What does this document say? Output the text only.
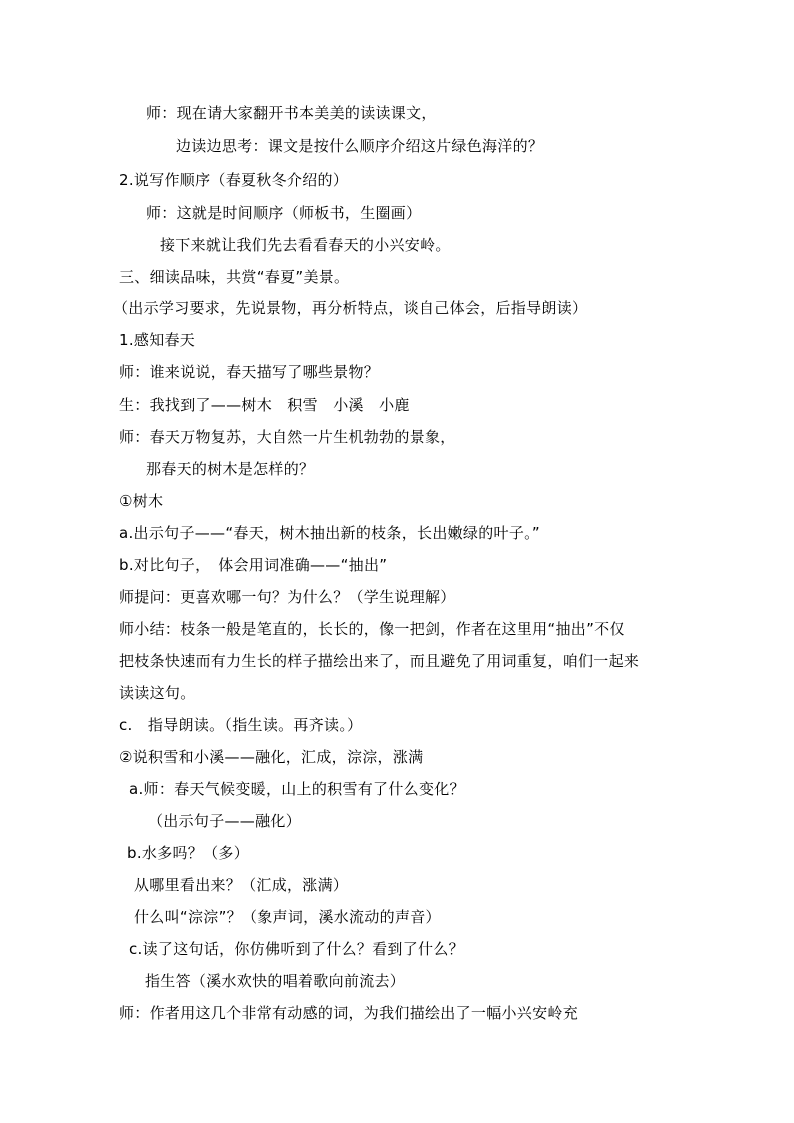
师：现在请大家翻开书本美美的读读课文，
边读边思考：课文是按什么顺序介绍这片绿色海洋的？
2.说写作顺序（春夏秋冬介绍的）
师：这就是时间顺序（师板书，生圈画）
接下来就让我们先去看看春天的小兴安岭。
三、细读品味，共赏“春夏”美景。
（出示学习要求，先说景物，再分析特点，谈自己体会，后指导朗读）
1.感知春天
师：谁来说说，春天描写了哪些景物？
生：我找到了——树木　积雪　小溪　小鹿
师：春天万物复苏，大自然一片生机勃勃的景象，
那春天的树木是怎样的？
①树木
a.出示句子——“春天，树木抽出新的枝条，长出嫩绿的叶子。”
b.对比句子，　体会用词准确——“抽出”
师提问：更喜欢哪一句？为什么？（学生说理解）
师小结：枝条一般是笔直的，长长的，像一把剑，作者在这里用“抽出”不仅
把枝条快速而有力生长的样子描绘出来了，而且避免了用词重复，咱们一起来
读读这句。
c.　指导朗读。（指生读。再齐读。）
②说积雪和小溪——融化，汇成，淙淙，涨满
a.师：春天气候变暖，山上的积雪有了什么变化？
（出示句子——融化）
b.水多吗？（多）
从哪里看出来？（汇成，涨满）
什么叫“淙淙”？（象声词，溪水流动的声音）
c.读了这句话，你仿佛听到了什么？看到了什么？
指生答（溪水欢快的唱着歌向前流去）
师：作者用这几个非常有动感的词，为我们描绘出了一幅小兴安岭充
